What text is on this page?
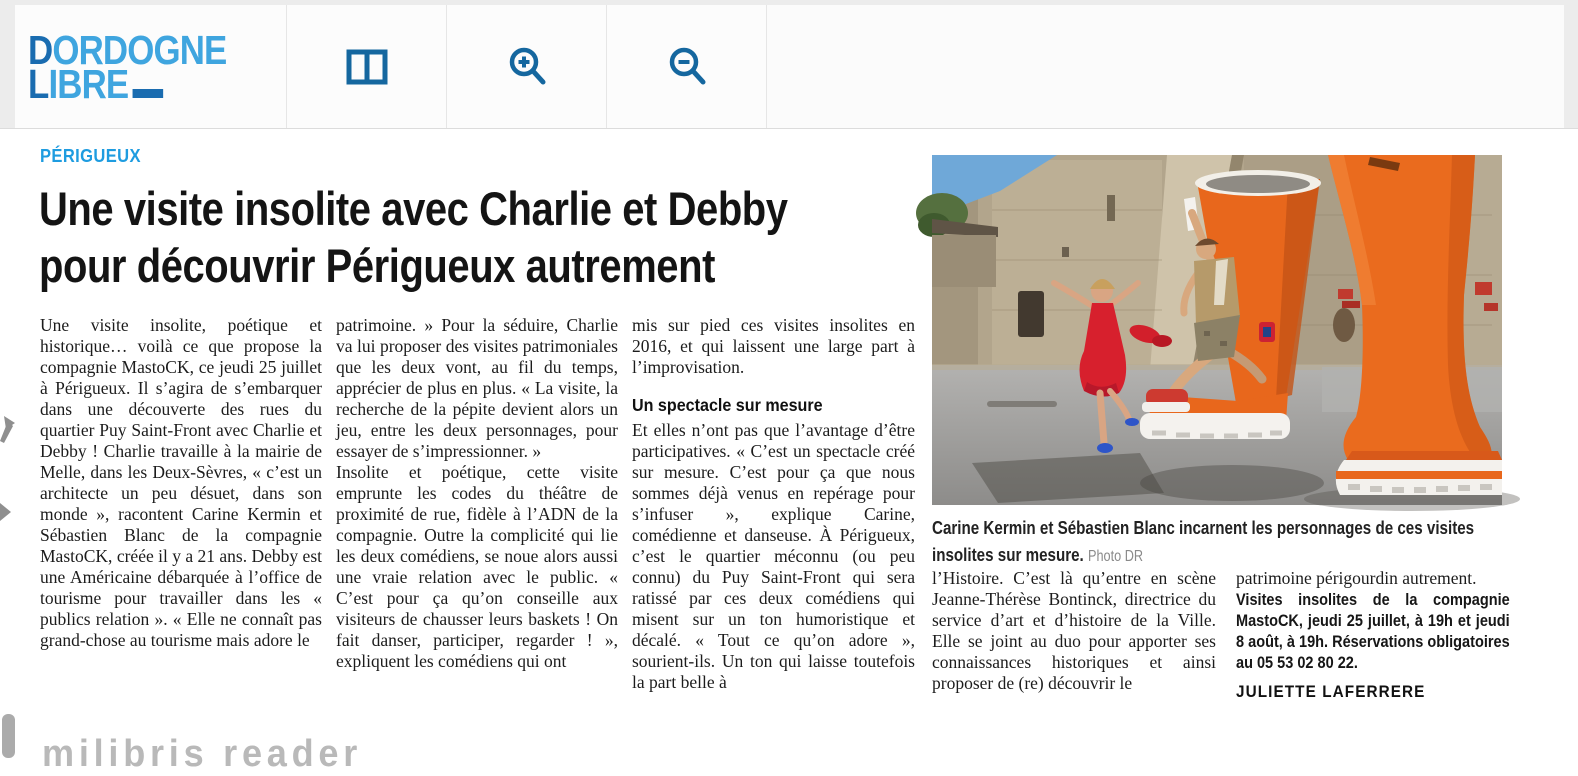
DORDOGNE
LIBRE
PÉRIGUEUX
Une visite insolite avec Charlie et Debby
pour découvrir Périgueux autrement

Une visite insolite, poétique et historique… voilà ce que propose la compagnie MastoCK, ce jeudi 25 juillet à Périgueux. Il s’agira de s’embarquer dans une découverte des rues du quartier Puy Saint-Front avec Charlie et Debby ! Charlie travaille à la mairie de Melle, dans les Deux-Sèvres, « c’est un architecte un peu désuet, dans son monde », racontent Carine Kermin et Sébastien Blanc de la compagnie MastoCK, créée il y a 21 ans. Debby est une Américaine débarquée à l’office de tourisme pour travailler dans les « publics relation ». « Elle ne connaît pas grand-chose au tourisme mais adore le

patrimoine. » Pour la séduire, Charlie va lui proposer des visites patrimoniales que les deux vont, au fil du temps, apprécier de plus en plus. « La visite, la recherche de la pépite devient alors un jeu, entre les deux personnages, pour essayer de s’impressionner. »

Insolite et poétique, cette visite emprunte les codes du théâtre de proximité de rue, fidèle à l’ADN de la compagnie. Outre la complicité qui lie les deux comédiens, se noue alors aussi une vraie relation avec le public. « C’est pour ça qu’on conseille aux visiteurs de chausser leurs baskets ! On fait danser, participer, regarder ! », expliquent les comédiens qui ont

mis sur pied ces visites insolites en 2016, et qui laissent une large part à l’improvisation.

Un spectacle sur mesure

Et elles n’ont pas que l’avantage d’être participatives. « C’est un spectacle créé sur mesure. C’est pour ça que nous sommes déjà venus en repérage pour s’infuser », explique Carine, comédienne et danseuse. À Périgueux, c’est le quartier méconnu (ou peu connu) du Puy Saint-Front qui sera ratissé par ces deux comédiens qui misent sur un ton humoristique et décalé. « Tout ce qu’on adore », sourient-ils. Un ton qui laisse toutefois la part belle à

Carine Kermin et Sébastien Blanc incarnent les personnages de ces visites insolites sur mesure. Photo DR

l’Histoire. C’est là qu’entre en scène Jeanne-Thérèse Bontinck, directrice du service d’art et d’histoire de la Ville. Elle se joint au duo pour apporter ses connaissances historiques et ainsi proposer de (re) découvrir le

patrimoine périgourdin autrement.

Visites insolites de la compagnie MastoCK, jeudi 25 juillet, à 19h et jeudi 8 août, à 19h. Réservations obligatoires au 05 53 02 80 22.
JULIETTE LAFERRERE
milibris reader
